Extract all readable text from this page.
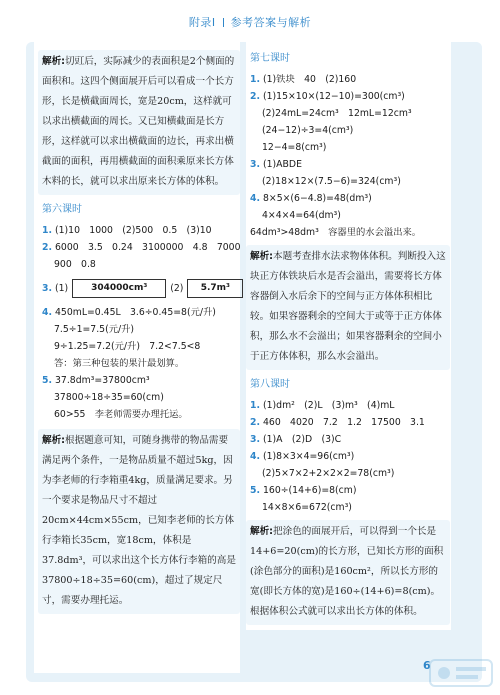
附录Ⅰ 参考答案与解析
解析:切豇后，实际减少的表面积是2个侧面的面积和。这四个侧面展开后可以看成一个长方形，长是横截面周长，宽是20cm，这样就可以求出横截面的周长。又已知横截面是长方形，这样就可以求出横截面的边长，再求出横截面的面积，再用横截面的面积乘原来长方体木料的长，就可以求出原来长方体的体积。
第六课时
1. (1)10　1000　(2)500　0.5　(3)10
2. 6000　3.5　0.24　3100000　4.8　7000
900　0.8
3. (1)	304000cm³ (2) 5.7m³
4. 450mL=0.45L　3.6÷0.45=8(元/升)
7.5÷1=7.5(元/升)
9÷1.25=7.2(元/升)　7.2<7.5<8
答：第三种包装的果汁最划算。
5. 37.8dm³=37800cm³
37800÷18÷35=60(cm)
60>55　李老师需要办理托运。
解析:根据题意可知，可随身携带的物品需要满足两个条件，一是物品质量不超过5kg，因为李老师的行李箱重4kg，质量满足要求。另一个要求是物品尺寸不超过20cm×44cm×55cm，已知李老师的长方体行李箱长35cm，宽18cm，体积是37.8dm³，可以求出这个长方体行李箱的高是37800÷18÷35=60(cm)，超过了规定尺寸，需要办理托运。
第七课时
1. (1)铁块　40　(2)160
2. (1)15×10×(12−10)=300(cm³)
(2)24mL=24cm³　12mL=12cm³
(24−12)÷3=4(cm³)
12−4=8(cm³)
3. (1)ABDE
(2)18×12×(7.5−6)=324(cm³)
4. 8×5×(6−4.8)=48(dm³)
4×4×4=64(dm³)
64dm³>48dm³　容器里的水会溢出来。
解析:本题考查排水法求物体体积。判断投入这块正方体铁块后水是否会溢出，需要将长方体容器倒入水后余下的空间与正方体体积相比较。如果容器剩余的空间大于或等于正方体体积，那么水不会溢出；如果容器剩余的空间小于正方体体积，那么水会溢出。
第八课时
1. (1)dm²　(2)L　(3)m³　(4)mL
2. 460　4020　7.2　1.2　17500　3.1
3. (1)A　(2)D　(3)C
4. (1)8×3×4=96(cm³)
(2)5×7×2+2×2×2=78(cm³)
5. 160÷(14+6)=8(cm)
14×8×6=672(cm³)
解析:把涂色的面展开后，可以得到一个长是14+6=20(cm)的长方形，已知长方形的面积(涂色部分的面积)是160cm²，所以长方形的宽(即长方体的宽)是160÷(14+6)=8(cm)。根据体积公式就可以求出长方体的体积。
6
